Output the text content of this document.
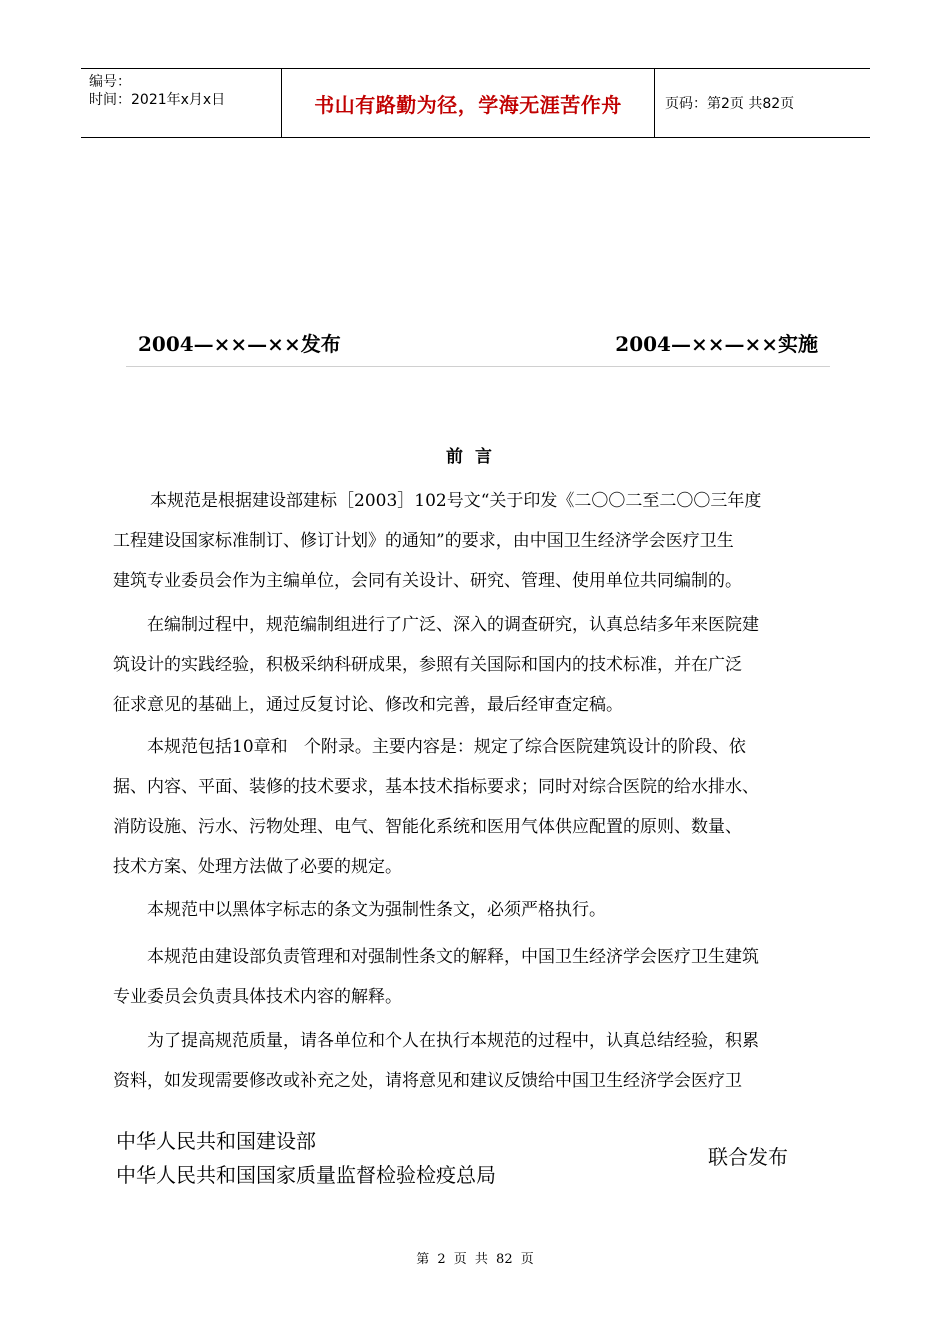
编号：
时间：2021年x月x日	书山有路勤为径，学海无涯苦作舟	页码：第2页 共82页
2004—××—××发布	2004—××—××实施
前言
本规范是根据建设部建标［2003］102号文“关于印发《二〇〇二至二〇〇三年度
工程建设国家标准制订、修订计划》的通知”的要求，由中国卫生经济学会医疗卫生
建筑专业委员会作为主编单位，会同有关设计、研究、管理、使用单位共同编制的。
在编制过程中，规范编制组进行了广泛、深入的调查研究，认真总结多年来医院建
筑设计的实践经验，积极采纳科研成果，参照有关国际和国内的技术标准，并在广泛
征求意见的基础上，通过反复讨论、修改和完善，最后经审查定稿。
本规范包括10章和   个附录。主要内容是：规定了综合医院建筑设计的阶段、依
据、内容、平面、装修的技术要求，基本技术指标要求；同时对综合医院的给水排水、
消防设施、污水、污物处理、电气、智能化系统和医用气体供应配置的原则、数量、
技术方案、处理方法做了必要的规定。
本规范中以黑体字标志的条文为强制性条文，必须严格执行。
本规范由建设部负责管理和对强制性条文的解释，中国卫生经济学会医疗卫生建筑
专业委员会负责具体技术内容的解释。
为了提高规范质量，请各单位和个人在执行本规范的过程中，认真总结经验，积累
资料，如发现需要修改或补充之处，请将意见和建议反馈给中国卫生经济学会医疗卫
中华人民共和国建设部
中华人民共和国国家质量监督检验检疫总局
联合发布
第 2 页 共 82 页
